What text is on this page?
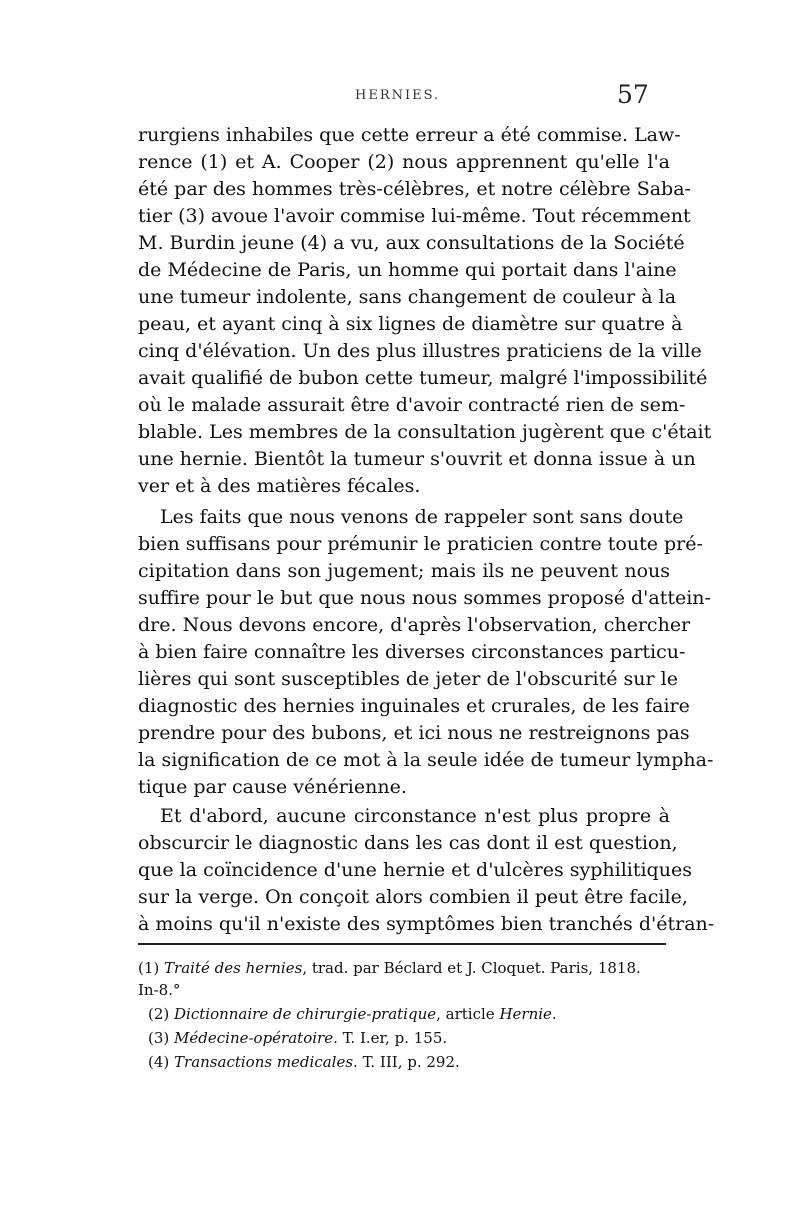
HERNIES.	57
rurgiens inhabiles que cette erreur a été commise. Law-
rence (1) et A. Cooper (2) nous apprennent qu'elle l'a
été par des hommes très-célèbres, et notre célèbre Saba-
tier (3) avoue l'avoir commise lui-même. Tout récemment
M. Burdin jeune (4) a vu, aux consultations de la Société
de Médecine de Paris, un homme qui portait dans l'aine
une tumeur indolente, sans changement de couleur à la
peau, et ayant cinq à six lignes de diamètre sur quatre à
cinq d'élévation. Un des plus illustres praticiens de la ville
avait qualifié de bubon cette tumeur, malgré l'impossibilité
où le malade assurait être d'avoir contracté rien de sem-
blable. Les membres de la consultation jugèrent que c'était
une hernie. Bientôt la tumeur s'ouvrit et donna issue à un
ver et à des matières fécales.
Les faits que nous venons de rappeler sont sans doute
bien suffisans pour prémunir le praticien contre toute pré-
cipitation dans son jugement; mais ils ne peuvent nous
suffire pour le but que nous nous sommes proposé d'attein-
dre. Nous devons encore, d'après l'observation, chercher
à bien faire connaître les diverses circonstances particu-
lières qui sont susceptibles de jeter de l'obscurité sur le
diagnostic des hernies inguinales et crurales, de les faire
prendre pour des bubons, et ici nous ne restreignons pas
la signification de ce mot à la seule idée de tumeur lympha-
tique par cause vénérienne.
Et d'abord, aucune circonstance n'est plus propre à
obscurcir le diagnostic dans les cas dont il est question,
que la coïncidence d'une hernie et d'ulcères syphilitiques
sur la verge. On conçoit alors combien il peut être facile,
à moins qu'il n'existe des symptômes bien tranchés d'étran-
(1) Traité des hernies, trad. par Béclard et J. Cloquet. Paris, 1818.
In-8.°
(2) Dictionnaire de chirurgie-pratique, article Hernie.
(3) Médecine-opératoire. T. I.er, p. 155.
(4) Transactions medicales. T. III, p. 292.
